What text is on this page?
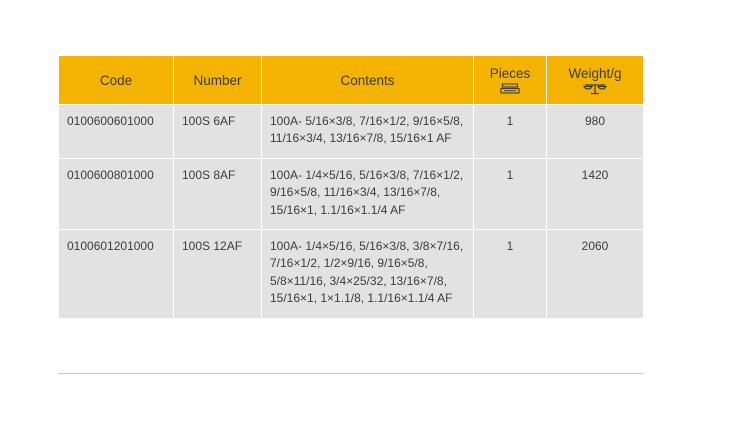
Code	Number	Contents	Pieces	Weight/g

0100600601000	100S 6AF	100A- 5/16×3/8, 7/16×1/2, 9/16×5/8, 11/16×3/4, 13/16×7/8, 15/16×1 AF	1	980
0100600801000	100S 8AF	100A- 1/4×5/16, 5/16×3/8, 7/16×1/2, 9/16×5/8, 11/16×3/4, 13/16×7/8, 15/16×1, 1.1/16×1.1/4 AF	1	1420
0100601201000	100S 12AF	100A- 1/4×5/16, 5/16×3/8, 3/8×7/16, 7/16×1/2, 1/2×9/16, 9/16×5/8, 5/8×11/16, 3/4×25/32, 13/16×7/8, 15/16×1, 1×1.1/8, 1.1/16×1.1/4 AF	1	2060
